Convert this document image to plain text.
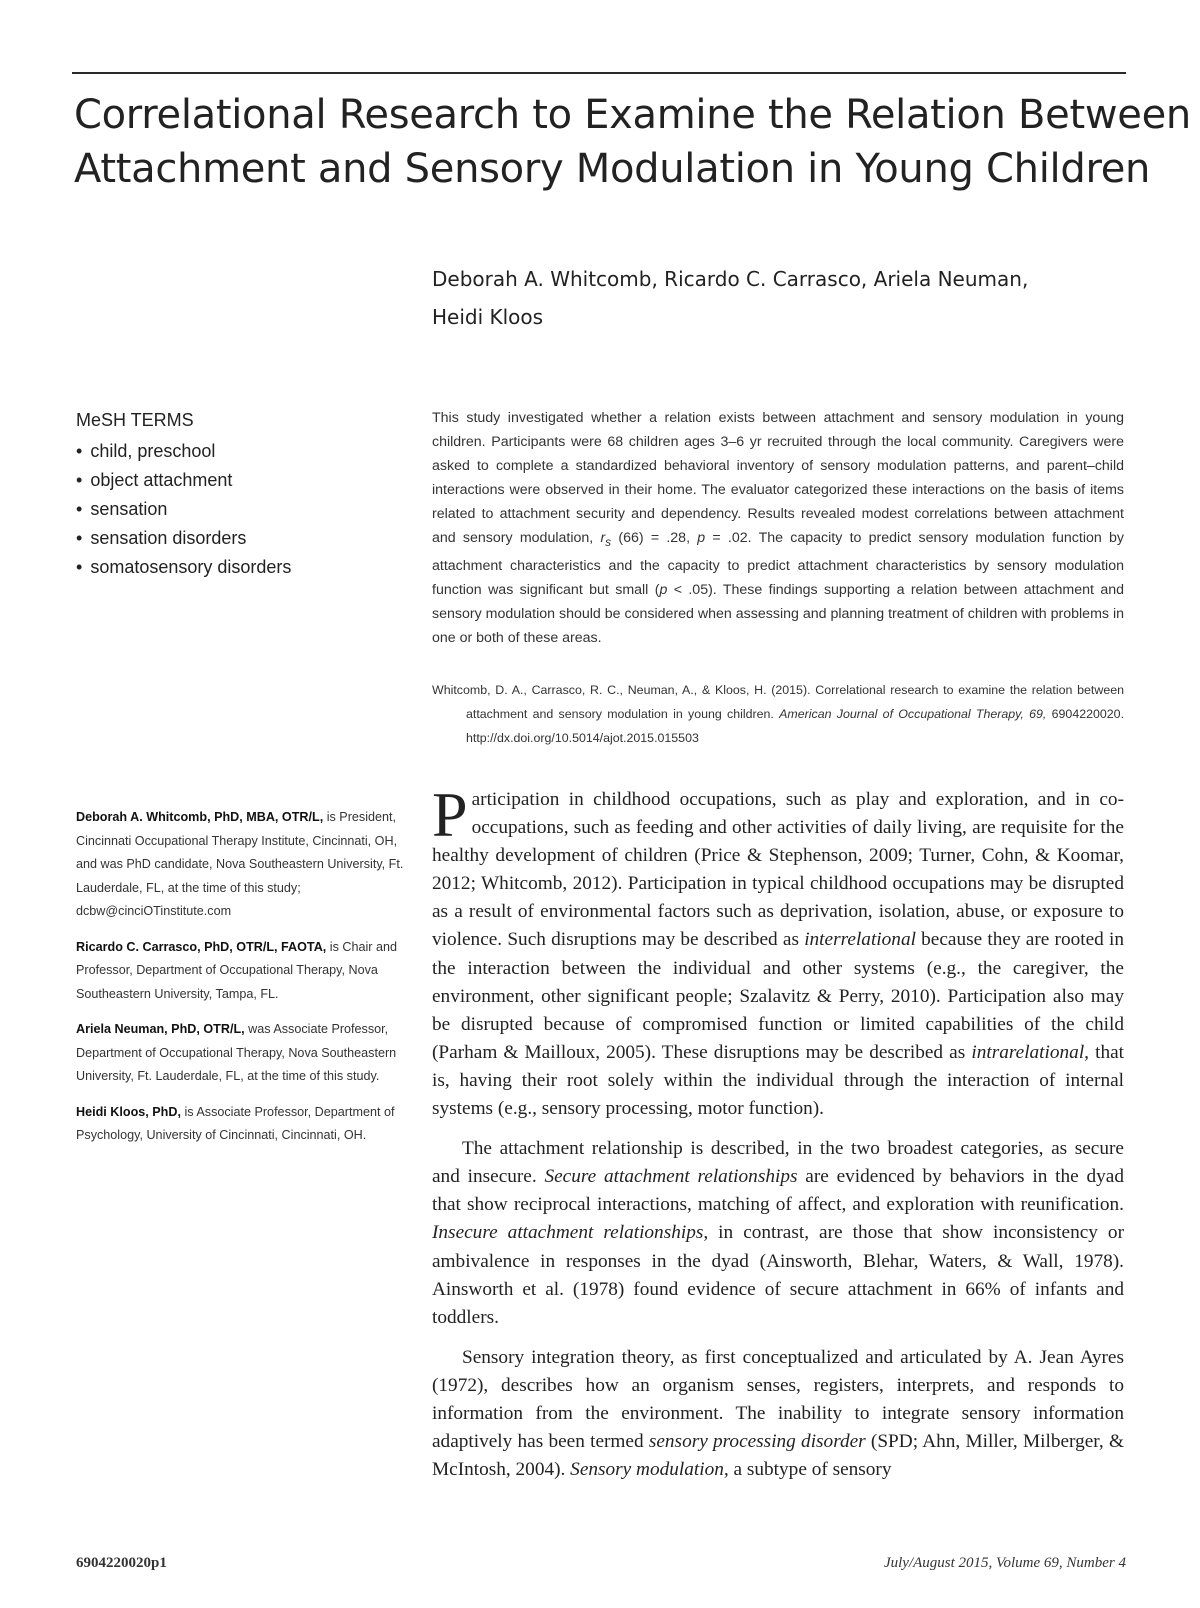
Correlational Research to Examine the Relation Between
Attachment and Sensory Modulation in Young Children
Deborah A. Whitcomb, Ricardo C. Carrasco, Ariela Neuman,
Heidi Kloos
MeSH TERMS
• child, preschool
• object attachment
• sensation
• sensation disorders
• somatosensory disorders
This study investigated whether a relation exists between attachment and sensory modulation in young children. Participants were 68 children ages 3–6 yr recruited through the local community. Caregivers were asked to complete a standardized behavioral inventory of sensory modulation patterns, and parent–child interactions were observed in their home. The evaluator categorized these interactions on the basis of items related to attachment security and dependency. Results revealed modest correlations between attachment and sensory modulation, $r_s$ (66) = .28, p = .02. The capacity to predict sensory modulation function by attachment characteristics and the capacity to predict attachment characteristics by sensory modulation function was significant but small (p < .05). These findings supporting a relation between attachment and sensory modulation should be considered when assessing and planning treatment of children with problems in one or both of these areas.
Whitcomb, D. A., Carrasco, R. C., Neuman, A., & Kloos, H. (2015). Correlational research to examine the relation between attachment and sensory modulation in young children. American Journal of Occupational Therapy, 69, 6904220020. http://dx.doi.org/10.5014/ajot.2015.015503
Deborah A. Whitcomb, PhD, MBA, OTR/L, is President, Cincinnati Occupational Therapy Institute, Cincinnati, OH, and was PhD candidate, Nova Southeastern University, Ft. Lauderdale, FL, at the time of this study; dcbw@cinciOTinstitute.com
Ricardo C. Carrasco, PhD, OTR/L, FAOTA, is Chair and Professor, Department of Occupational Therapy, Nova Southeastern University, Tampa, FL.
Ariela Neuman, PhD, OTR/L, was Associate Professor, Department of Occupational Therapy, Nova Southeastern University, Ft. Lauderdale, FL, at the time of this study.
Heidi Kloos, PhD, is Associate Professor, Department of Psychology, University of Cincinnati, Cincinnati, OH.

Participation in childhood occupations, such as play and exploration, and in co-occupations, such as feeding and other activities of daily living, are requisite for the healthy development of children (Price & Stephenson, 2009; Turner, Cohn, & Koomar, 2012; Whitcomb, 2012). Participation in typical childhood occupations may be disrupted as a result of environmental factors such as deprivation, isolation, abuse, or exposure to violence. Such disruptions may be described as interrelational because they are rooted in the interaction between the individual and other systems (e.g., the caregiver, the environment, other significant people; Szalavitz & Perry, 2010). Participation also may be disrupted because of compromised function or limited capabilities of the child (Parham & Mailloux, 2005). These disruptions may be described as intrarelational, that is, having their root solely within the individual through the interaction of internal systems (e.g., sensory processing, motor function).

The attachment relationship is described, in the two broadest categories, as secure and insecure. Secure attachment relationships are evidenced by behaviors in the dyad that show reciprocal interactions, matching of affect, and exploration with reunification. Insecure attachment relationships, in contrast, are those that show inconsistency or ambivalence in responses in the dyad (Ainsworth, Blehar, Waters, & Wall, 1978). Ainsworth et al. (1978) found evidence of secure attachment in 66% of infants and toddlers.

Sensory integration theory, as first conceptualized and articulated by A. Jean Ayres (1972), describes how an organism senses, registers, interprets, and responds to information from the environment. The inability to integrate sensory information adaptively has been termed sensory processing disorder (SPD; Ahn, Miller, Milberger, & McIntosh, 2004). Sensory modulation, a subtype of sensory

6904220020p1	July/August 2015, Volume 69, Number 4
